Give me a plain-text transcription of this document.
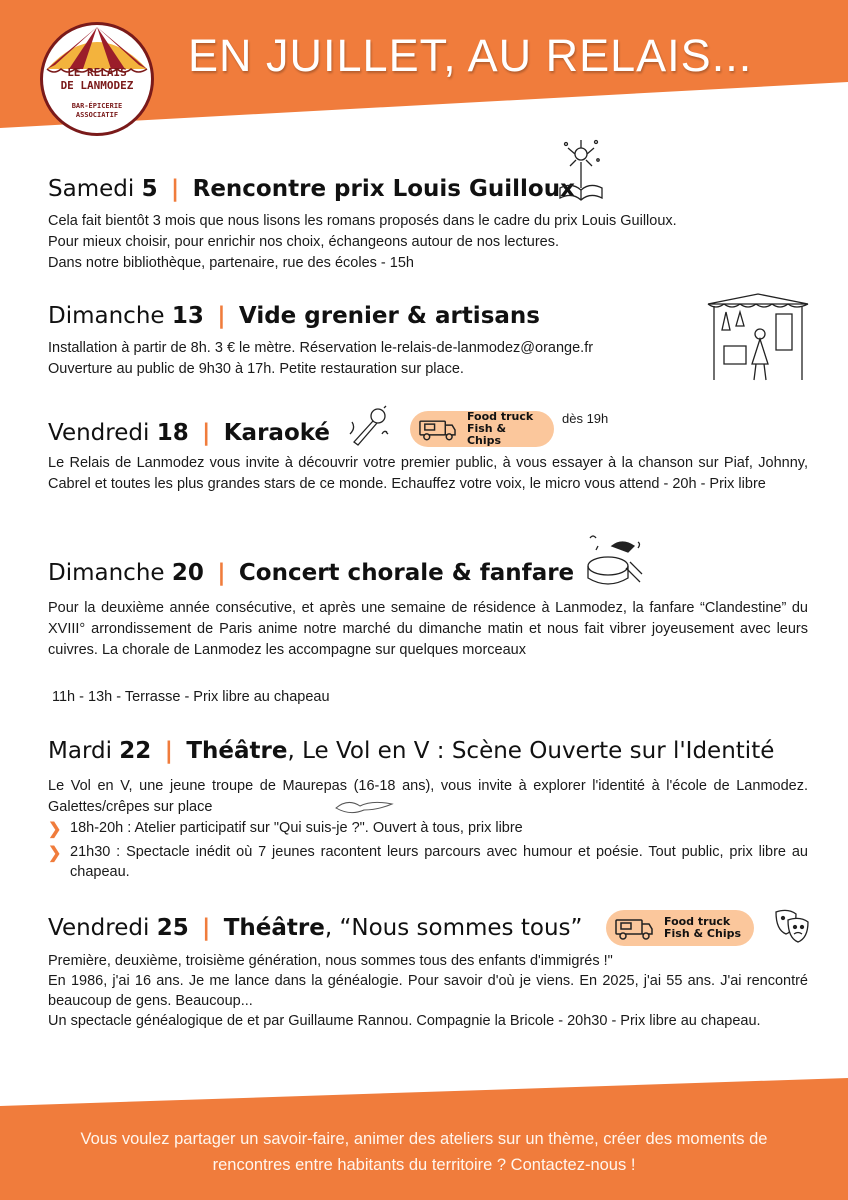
EN JUILLET, AU RELAIS...
LE RELAIS
DE LANMODEZ
BAR-ÉPICERIE
ASSOCIATIF
Samedi 5 | Rencontre prix Louis Guilloux
Cela fait bientôt 3 mois que nous lisons les romans proposés dans le cadre du prix Louis Guilloux.
Pour mieux choisir, pour enrichir nos choix, échangeons autour de nos lectures.
Dans notre bibliothèque, partenaire, rue des écoles - 15h
Dimanche 13 | Vide grenier & artisans
Installation à partir de 8h. 3 € le mètre. Réservation le-relais-de-lanmodez@orange.fr
Ouverture au public de 9h30 à 17h. Petite restauration sur place.
Vendredi 18 | Karaoké
Food truck
Fish & Chips
dès 19h
Le Relais de Lanmodez vous invite à découvrir votre premier public, à vous essayer à la chanson sur Piaf, Johnny, Cabrel et toutes les plus grandes stars de ce monde. Echauffez votre voix, le micro vous attend - 20h - Prix libre
Dimanche 20 | Concert chorale & fanfare
Pour la deuxième année consécutive, et après une semaine de résidence à Lanmodez, la fanfare “Clandestine” du XVIII° arrondissement de Paris anime notre marché du dimanche matin et nous fait vibrer joyeusement avec leurs cuivres. La chorale de Lanmodez les accompagne sur quelques morceaux
11h - 13h - Terrasse - Prix libre au chapeau
Mardi 22 | Théâtre, Le Vol en V : Scène Ouverte sur l'Identité
Le Vol en V, une jeune troupe de Maurepas (16-18 ans), vous invite à explorer l'identité à l'école de Lanmodez. Galettes/crêpes sur place
❯ 18h-20h : Atelier participatif sur "Qui suis-je ?". Ouvert à tous, prix libre
❯ 21h30 : Spectacle inédit où 7 jeunes racontent leurs parcours avec humour et poésie. Tout public, prix libre au chapeau.
Vendredi 25 | Théâtre, “Nous sommes tous”	Food truck
Fish & Chips
Première, deuxième, troisième génération, nous sommes tous des enfants d'immigrés !"
En 1986, j'ai 16 ans. Je me lance dans la généalogie. Pour savoir d'où je viens. En 2025, j'ai 55 ans. J'ai rencontré beaucoup de gens. Beaucoup...
Un spectacle généalogique de et par Guillaume Rannou. Compagnie la Bricole - 20h30 - Prix libre au chapeau.
Vous voulez partager un savoir-faire, animer des ateliers sur un thème, créer des moments de rencontres entre habitants du territoire ? Contactez-nous !
